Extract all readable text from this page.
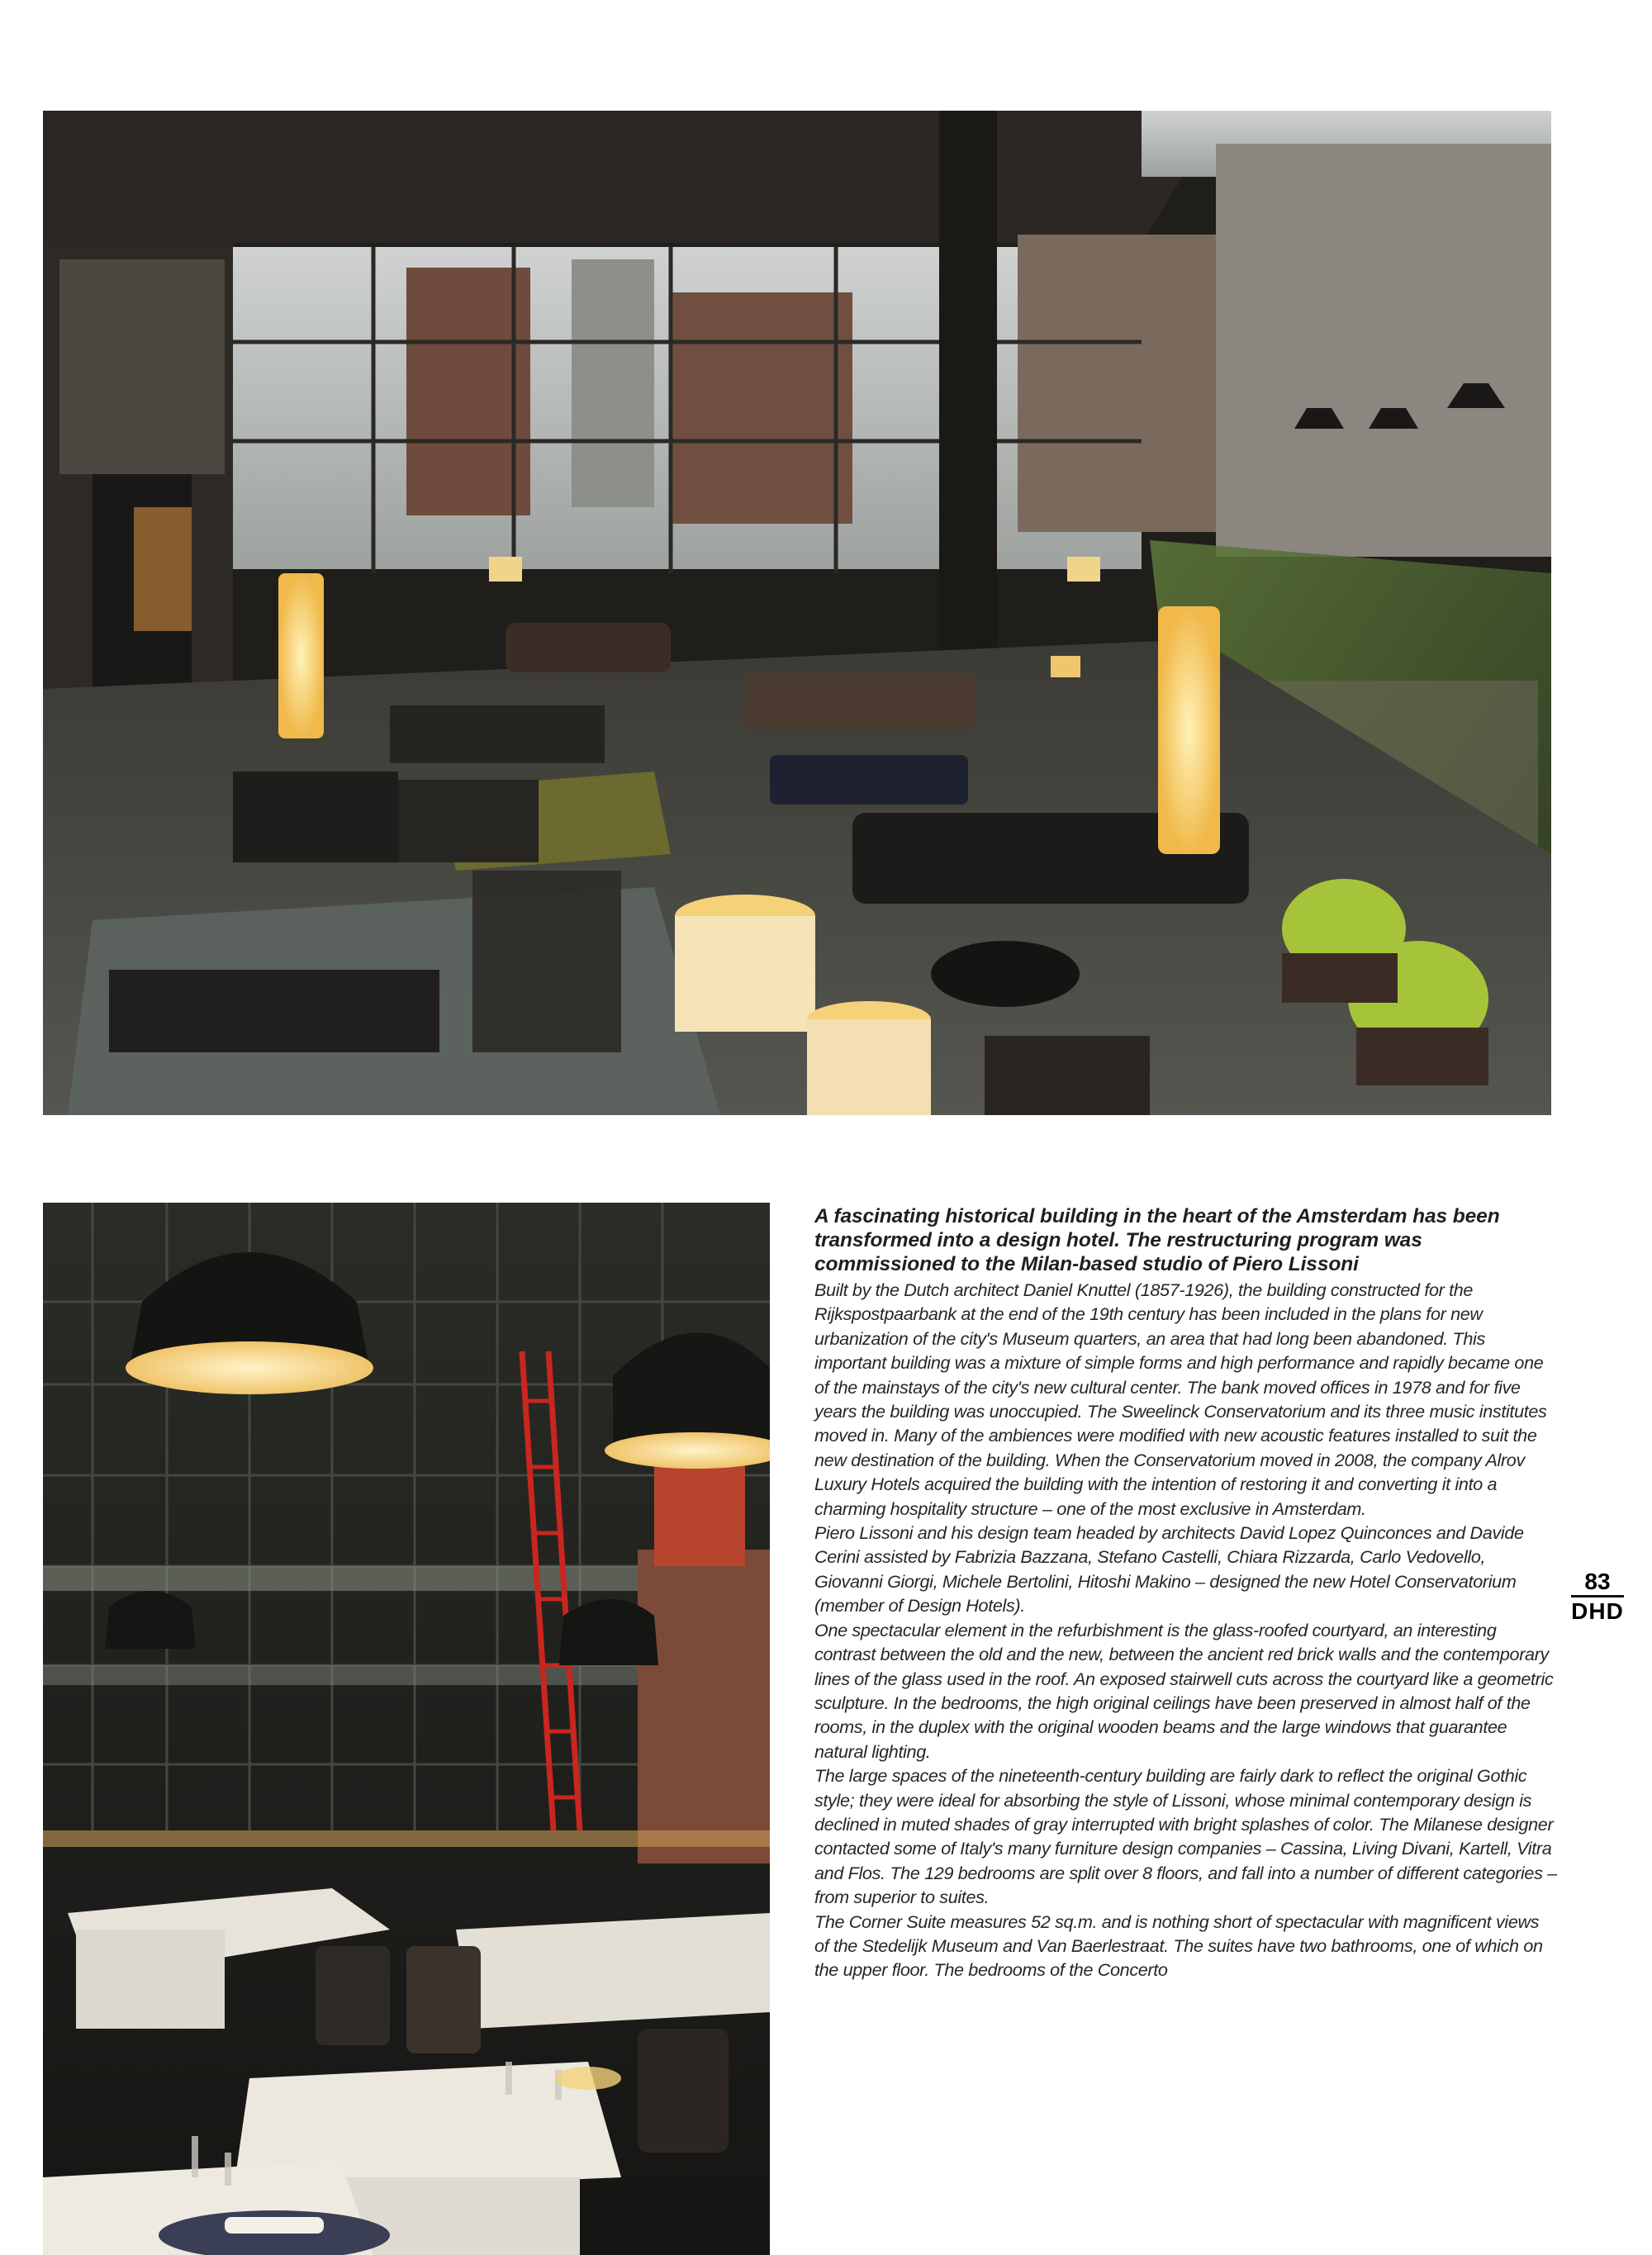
A fascinating historical building in the heart of the Amsterdam has been transformed into a design hotel. The restructuring program was commissioned to the Milan-based studio of Piero Lissoni

Built by the Dutch architect Daniel Knuttel (1857-1926), the building constructed for the Rijkspostpaarbank at the end of the 19th century has been included in the plans for new urbanization of the city's Museum quarters, an area that had long been abandoned. This important building was a mixture of simple forms and high performance and rapidly became one of the mainstays of the city's new cultural center. The bank moved offices in 1978 and for five years the building was unoccupied. The Sweelinck Conservatorium and its three music institutes moved in. Many of the ambiences were modified with new acoustic features installed to suit the new destination of the building. When the Conservatorium moved in 2008, the company Alrov Luxury Hotels acquired the building with the intention of restoring it and converting it into a charming hospitality structure – one of the most exclusive in Amsterdam.

Piero Lissoni and his design team headed by architects David Lopez Quinconces and Davide Cerini assisted by Fabrizia Bazzana, Stefano Castelli, Chiara Rizzarda, Carlo Vedovello, Giovanni Giorgi, Michele Bertolini, Hitoshi Makino – designed the new Hotel Conservatorium (member of Design Hotels).

One spectacular element in the refurbishment is the glass-roofed courtyard, an interesting contrast between the old and the new, between the ancient red brick walls and the contemporary lines of the glass used in the roof. An exposed stairwell cuts across the courtyard like a geometric sculpture. In the bedrooms, the high original ceilings have been preserved in almost half of the rooms, in the duplex with the original wooden beams and the large windows that guarantee natural lighting.

The large spaces of the nineteenth-century building are fairly dark to reflect the original Gothic style; they were ideal for absorbing the style of Lissoni, whose minimal contemporary design is declined in muted shades of gray interrupted with bright splashes of color. The Milanese designer contacted some of Italy's many furniture design companies – Cassina, Living Divani, Kartell, Vitra and Flos. The 129 bedrooms are split over 8 floors, and fall into a number of different categories – from superior to suites.

The Corner Suite measures 52 sq.m. and is nothing short of spectacular with magnificent views of the Stedelijk Museum and Van Baerlestraat. The suites have two bathrooms, one of which on the upper floor. The bedrooms of the Concerto

83
DHD
